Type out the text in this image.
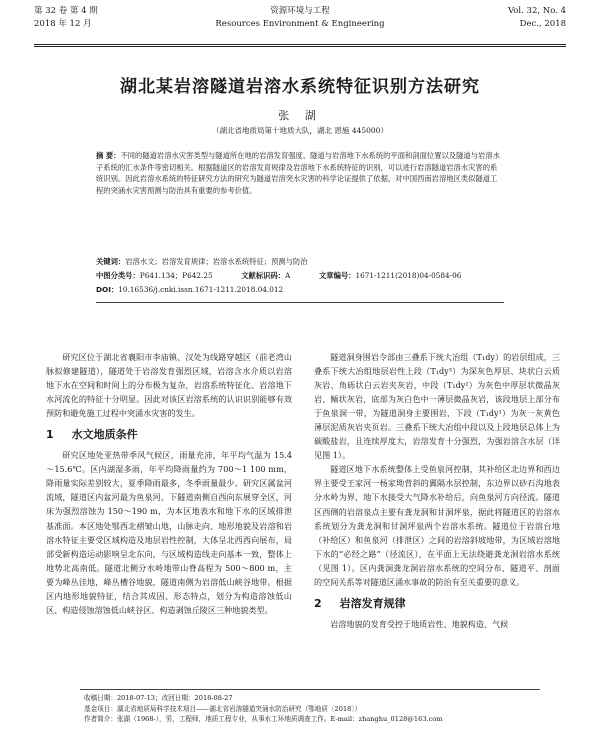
第 32 卷 第 4 期
2018 年 12 月
资源环境与工程
Resources Environment & Engineering
Vol. 32, No. 4
Dec., 2018
湖北某岩溶隧道岩溶水系统特征识别方法研究
张 湖
（湖北省地质局第十地质大队，湖北 恩施 445000）
摘 要：不同的隧道岩溶水灾害类型与隧道所在地的岩溶发育强度、隧道与岩溶地下水系统的平面和剖面位置以及隧道与岩溶水子系统的汇水条件等密切相关。根据隧道区的岩溶发育规律及岩溶地下水系统特征的识别，可以进行岩溶隧道岩溶水灾害的系统识别。因此岩溶水系统的特征研究方法的研究为隧道岩溶突水灾害的科学论证提供了依据，对中国西南岩溶地区类似隧道工程的突涌水灾害预测与防治具有重要的参考价值。
关键词：岩溶水文；岩溶发育规律；岩溶水系统特征；预测与防治
中图分类号：P641.134；P642.25	文献标识码：A	文章编号：1671-1211(2018)04-0584-06
DOI：10.16536/j.cnki.issn.1671-1211.2018.04.012

研究区位于湖北省襄阳市李庙镇、汉处为线路穿越区（前老湾山脉拟修建隧道），隧道处于岩溶发育强烈区域，岩溶含水介质以岩溶地下水在空间和时间上的分布极为复杂，岩溶系统特征化、岩溶地下水河流化的特征十分明显。因此对该区岩溶系统的认识识别能够有效预防和避免施工过程中突涌水灾害的发生。

1 水文地质条件

研究区地处亚热带季风气候区，雨量充沛，年平均气温为 15.4～15.6℃。区内湖湿多雨，年平均降雨量约为 700～1 100 mm，降雨量实际差别较大，夏季降雨最多，冬季雨量最少。研究区属盆河流域，隧道区内盆河最为鱼泉河，下隧道南侧自西向东展穿全区，河床为强烈溶蚀为 150～190 m，为本区地表水和地下水的区域排泄基准面。本区地处鄂西北褶皱山地，山脉走向、地形地貌及岩溶和岩溶水特征主要受区域构造及地层岩性控制，大体呈北西西向展布，局部受新构造运动影响呈北东向，与区域构造线走向基本一致，整体上地势北高南低。隧道北侧分水岭地带山脊高程为 500～800 m，主要为峰丛洼地，峰丛槽谷地貌，隧道南侧为岩溶低山峡谷地带。根据区内地形地貌特征，结合其成因、形态特点，划分为构造溶蚀低山区、构造侵蚀溶蚀低山峡谷区、构造剥蚀丘陵区三种地貌类型。

隧道洞身围岩令部由三叠系下统大冶组（T₁dy）的岩层组成，三叠系下统大冶组地层岩性上段（T₁dy³）为深灰色厚层、块状白云质灰岩、角砾状白云岩夹灰岩，中段（T₁dy²）为灰色中厚层状微晶灰岩、鲕状灰岩，底部为灰白色中一薄层微晶灰岩，该段地层上部分布于鱼泉洞一带，为隧道洞身主要围岩，下段（T₁dy¹）为灰一灰黄色薄层泥质灰岩夹页岩。三叠系下统大冶组中段以及上段地层总体上为碳酸盐岩，且连续厚度大，岩溶发育十分强烈，为强岩溶含水层（详见图 1）。

隧道区地下水系统整体上受鱼泉河控制，其补给区北边界和西边界主要受王家河一杨家坳背斜的翼隔水层控制，东边界以砂石沟地表分水岭为界，地下水接受大气降水补给后，向鱼泉河方向径流。隧道区西侧的岩溶泉点主要有龚龙洞和甘洞坪泉，据此将隧道区的岩溶水系统划分为龚龙洞和甘洞坪泉两个岩溶水系统。隧道位于岩溶台地（补给区）和鱼泉河（排泄区）之间的岩溶斜坡地带，为区域岩溶地下水的“必经之路”（径流区），在平面上无法绕避龚龙洞岩溶水系统（见图 1）。区内龚洞龚龙洞岩溶水系统的空间分布、隧道平、剖面的空间关系等对隧道区涌水事故的防治有至关重要的意义。

2 岩溶发育规律

岩溶地貌的发育受控于地质岩性、地貌构造、气候

收稿日期：2018-07-13；改回日期：2018-08-27
基金项目：湖北省地质局科学技术项目——湖北省岩溶隧道突涌水防治研究（鄂地质〔2018〕）
作者简介：张湖（1968-），男，工程师，地质工程专业，从事水工环地质调查工作。E-mail：zhanghu_0128@163.com
